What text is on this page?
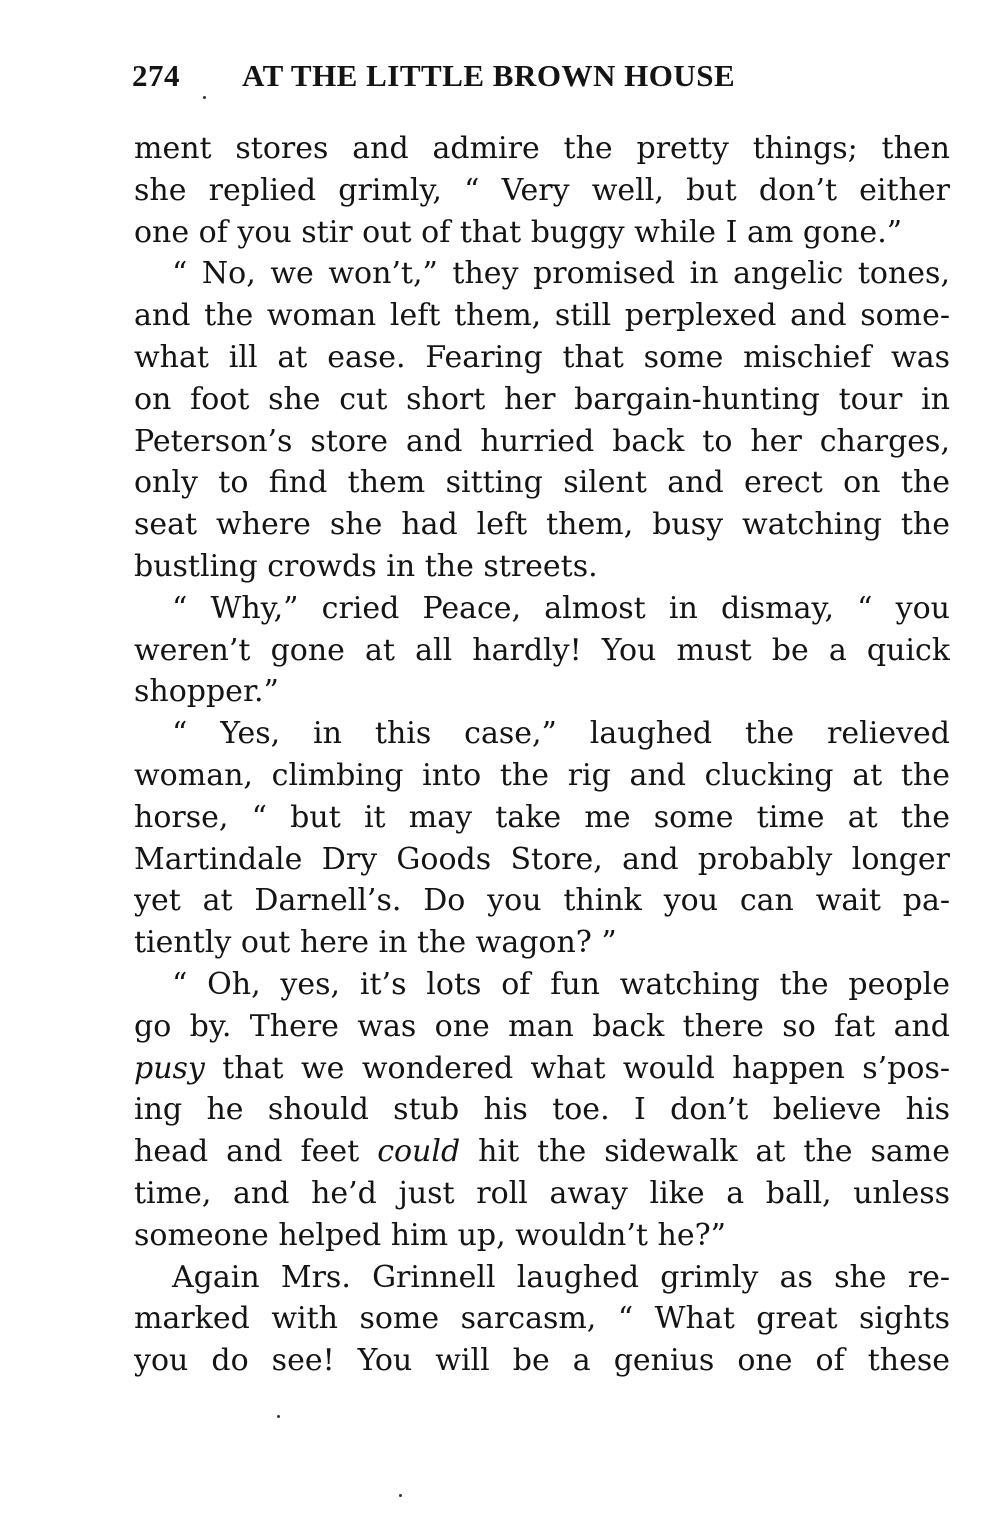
274 AT THE LITTLE BROWN HOUSE
ment stores and admire the pretty things; then
she replied grimly, “ Very well, but don’t either
one of you stir out of that buggy while I am gone.”
“ No, we won’t,” they promised in angelic tones,
and the woman left them, still perplexed and some-
what ill at ease. Fearing that some mischief was
on foot she cut short her bargain-hunting tour in
Peterson’s store and hurried back to her charges,
only to find them sitting silent and erect on the
seat where she had left them, busy watching the
bustling crowds in the streets.
“ Why,” cried Peace, almost in dismay, “ you
weren’t gone at all hardly! You must be a quick
shopper.”
“ Yes, in this case,” laughed the relieved
woman, climbing into the rig and clucking at the
horse, “ but it may take me some time at the
Martindale Dry Goods Store, and probably longer
yet at Darnell’s. Do you think you can wait pa-
tiently out here in the wagon? ”
“ Oh, yes, it’s lots of fun watching the people
go by. There was one man back there so fat and
pusy that we wondered what would happen s’pos-
ing he should stub his toe. I don’t believe his
head and feet could hit the sidewalk at the same
time, and he’d just roll away like a ball, unless
someone helped him up, wouldn’t he?”
Again Mrs. Grinnell laughed grimly as she re-
marked with some sarcasm, “ What great sights
you do see! You will be a genius one of these
